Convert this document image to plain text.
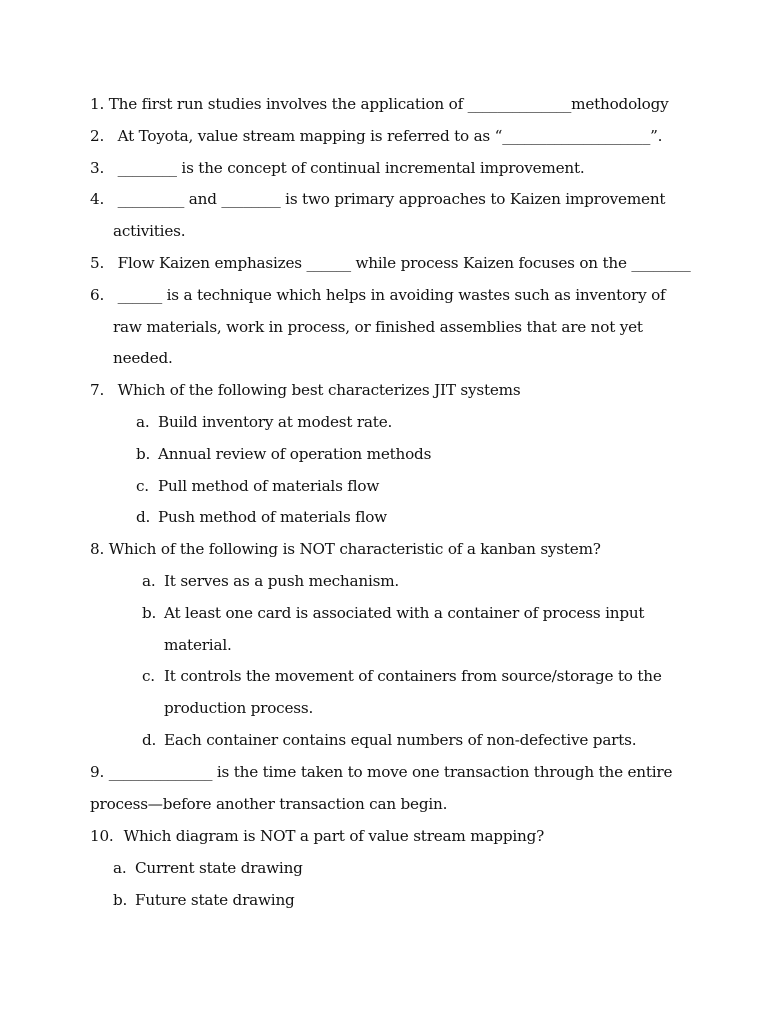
1. The first run studies involves the application of ______________methodology
2. At Toyota, value stream mapping is referred to as “____________________”.
3. ________ is the concept of continual incremental improvement.
4. _________ and ________ is two primary approaches to Kaizen improvement
activities.
5. Flow Kaizen emphasizes ______ while process Kaizen focuses on the ________
6. ______ is a technique which helps in avoiding wastes such as inventory of
raw materials, work in process, or finished assemblies that are not yet
needed.
7. Which of the following best characterizes JIT systems
a. Build inventory at modest rate.
b. Annual review of operation methods
c. Pull method of materials flow
d. Push method of materials flow
8. Which of the following is NOT characteristic of a kanban system?
a. It serves as a push mechanism.
b. At least one card is associated with a container of process input
material.
c. It controls the movement of containers from source/storage to the
production process.
d. Each container contains equal numbers of non-defective parts.
9. ______________ is the time taken to move one transaction through the entire
process—before another transaction can begin.
10. Which diagram is NOT a part of value stream mapping?
a. Current state drawing
b. Future state drawing
